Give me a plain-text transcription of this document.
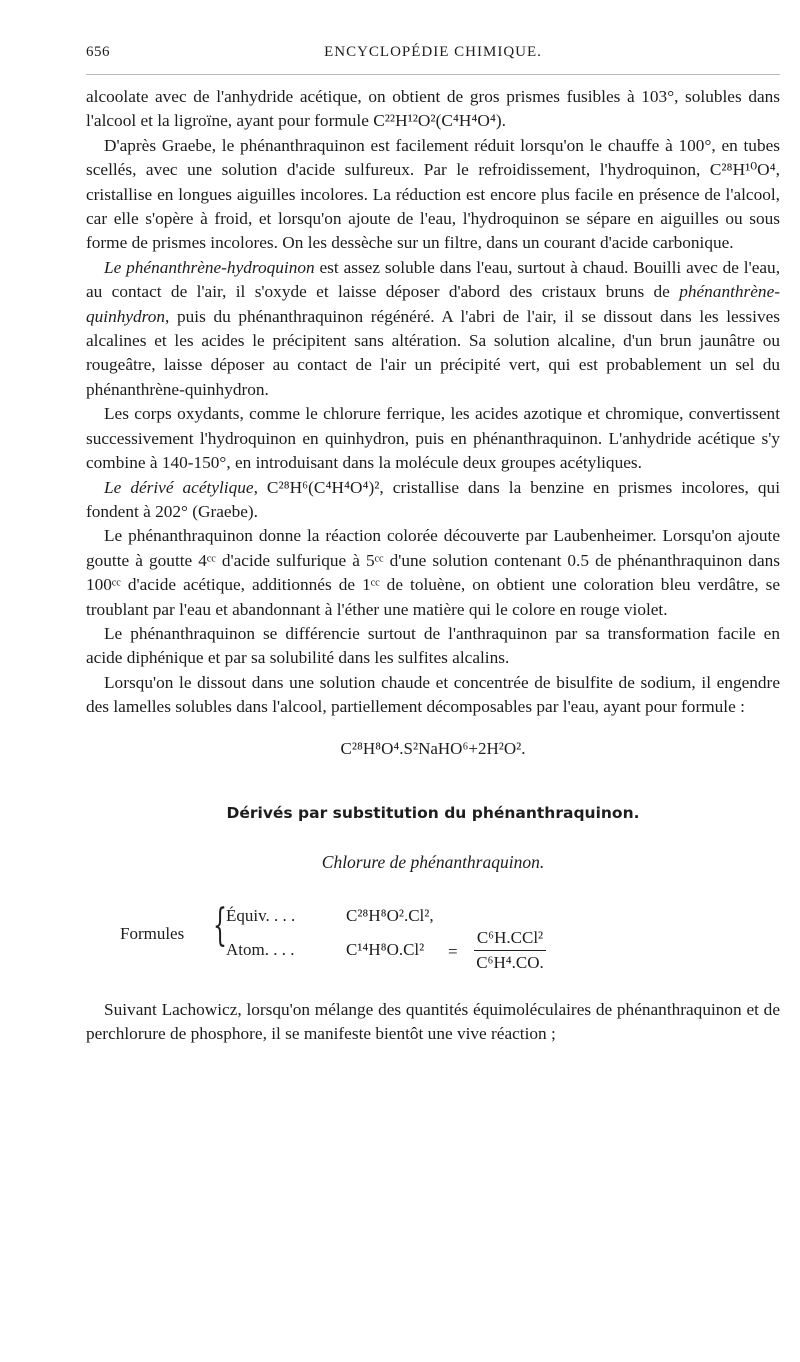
656	ENCYCLOPÉDIE CHIMIQUE.

alcoolate avec de l'anhydride acétique, on obtient de gros prismes fusibles à 103°, solubles dans l'alcool et la ligroïne, ayant pour formule C²²H¹²O²(C⁴H⁴O⁴).

D'après Graebe, le phénanthraquinon est facilement réduit lorsqu'on le chauffe à 100°, en tubes scellés, avec une solution d'acide sulfureux. Par le refroidissement, l'hydroquinon, C²⁸H¹⁰O⁴, cristallise en longues aiguilles incolores. La réduction est encore plus facile en présence de l'alcool, car elle s'opère à froid, et lorsqu'on ajoute de l'eau, l'hydroquinon se sépare en aiguilles ou sous forme de prismes incolores. On les dessèche sur un filtre, dans un courant d'acide carbonique.

Le phénanthrène-hydroquinon est assez soluble dans l'eau, surtout à chaud. Bouilli avec de l'eau, au contact de l'air, il s'oxyde et laisse déposer d'abord des cristaux bruns de phénanthrène-quinhydron, puis du phénanthraquinon régénéré. A l'abri de l'air, il se dissout dans les lessives alcalines et les acides le précipitent sans altération. Sa solution alcaline, d'un brun jaunâtre ou rougeâtre, laisse déposer au contact de l'air un précipité vert, qui est probablement un sel du phénanthrène-quinhydron.

Les corps oxydants, comme le chlorure ferrique, les acides azotique et chromique, convertissent successivement l'hydroquinon en quinhydron, puis en phénanthraquinon. L'anhydride acétique s'y combine à 140-150°, en introduisant dans la molécule deux groupes acétyliques.

Le dérivé acétylique, C²⁸H⁶(C⁴H⁴O⁴)², cristallise dans la benzine en prismes incolores, qui fondent à 202° (Graebe).

Le phénanthraquinon donne la réaction colorée découverte par Laubenheimer. Lorsqu'on ajoute goutte à goutte 4ᶜᶜ d'acide sulfurique à 5ᶜᶜ d'une solution contenant 0.5 de phénanthraquinon dans 100ᶜᶜ d'acide acétique, additionnés de 1ᶜᶜ de toluène, on obtient une coloration bleu verdâtre, se troublant par l'eau et abandonnant à l'éther une matière qui le colore en rouge violet.

Le phénanthraquinon se différencie surtout de l'anthraquinon par sa transformation facile en acide diphénique et par sa solubilité dans les sulfites alcalins.

Lorsqu'on le dissout dans une solution chaude et concentrée de bisulfite de sodium, il engendre des lamelles solubles dans l'alcool, partiellement décomposables par l'eau, ayant pour formule :

C²⁸H⁸O⁴.S²NaHO⁶+2H²O².
Dérivés par substitution du phénanthraquinon.
Chlorure de phénanthraquinon.
Formules { Équiv. . . .	C²⁸H⁸O².Cl²,
Atom. . . .	C¹⁴H⁸O.Cl² =
C⁶H.CCl²
C⁶H⁴.CO.

Suivant Lachowicz, lorsqu'on mélange des quantités équimoléculaires de phénanthraquinon et de perchlorure de phosphore, il se manifeste bientôt une vive réaction ;
